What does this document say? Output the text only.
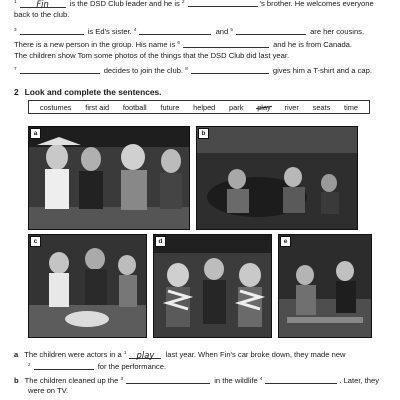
$^1$ Fin	is the DSD Club leader and he is $^2$	's brother. He welcomes everyone
back to the club.
$^3$	is Ed's sister. $^4$	and $^5$	are her cousins.
There is a new person in the group. His name is $^6$	and he is from Canada.
The children show Tom some photos of the things that the DSD Club did last year.
$^7$	decides to join the club. $^8$	gives him a T-shirt and a cap.
2 Look and complete the sentences.
costumes first aid football future helped park play river seats time
a	b
c	d	e
a The children were actors in a $^1$ play last year. When Fin's car broke down, they made new
$^2$	for the performance.
b The children cleaned up the $^3$	in the wildlife $^4$	. Later, they
were on TV.
